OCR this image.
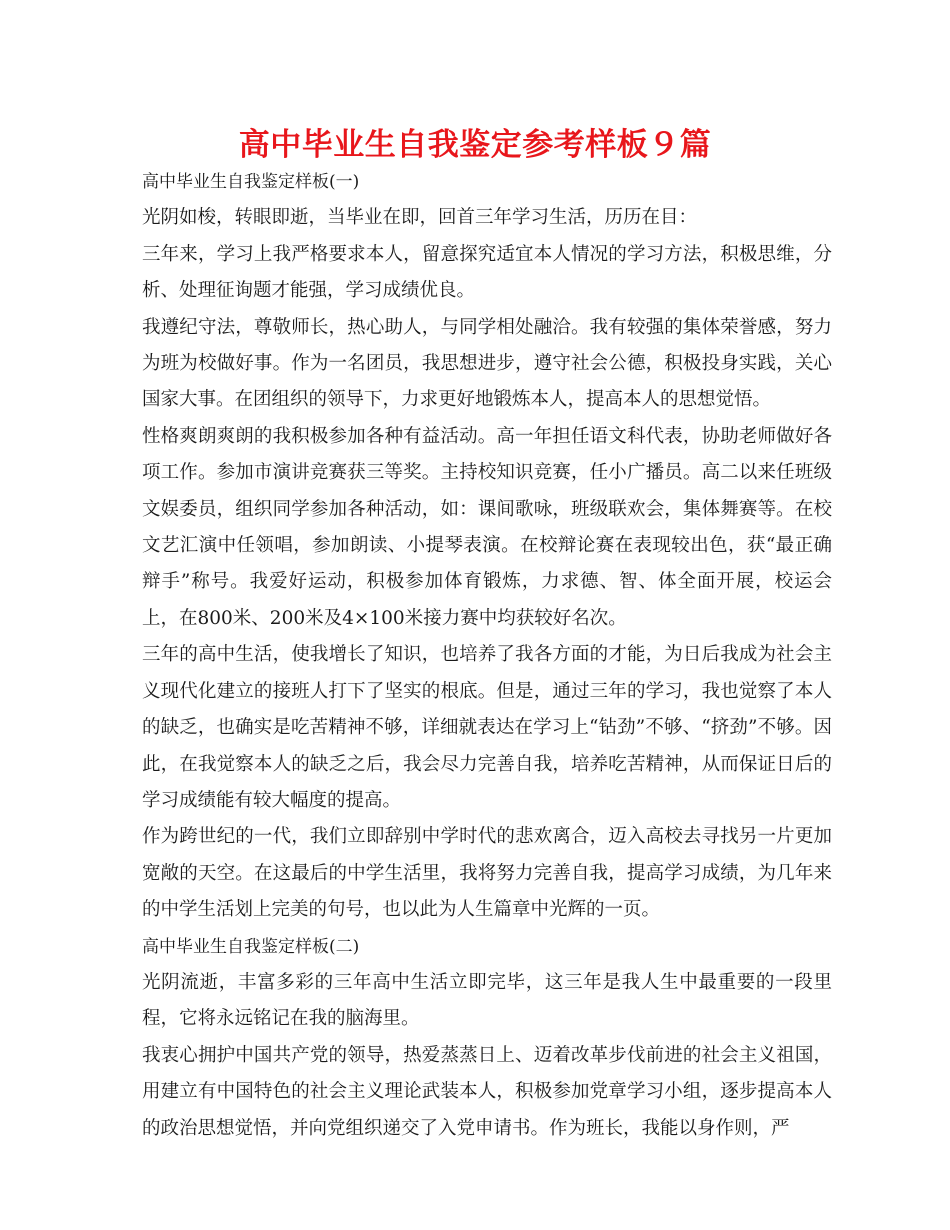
高中毕业生自我鉴定参考样板９篇

高中毕业生自我鉴定样板(一)

光阴如梭，转眼即逝，当毕业在即，回首三年学习生活，历历在目：

三年来，学习上我严格要求本人，留意探究适宜本人情况的学习方法，积极思维，分析、处理征询题才能强，学习成绩优良。

我遵纪守法，尊敬师长，热心助人，与同学相处融洽。我有较强的集体荣誉感，努力为班为校做好事。作为一名团员，我思想进步，遵守社会公德，积极投身实践，关心国家大事。在团组织的领导下，力求更好地锻炼本人，提高本人的思想觉悟。

性格爽朗爽朗的我积极参加各种有益活动。高一年担任语文科代表，协助老师做好各项工作。参加市演讲竞赛获三等奖。主持校知识竞赛，任小广播员。高二以来任班级文娱委员，组织同学参加各种活动，如：课间歌咏，班级联欢会，集体舞赛等。在校文艺汇演中任领唱，参加朗读、小提琴表演。在校辩论赛在表现较出色，获“最正确辩手”称号。我爱好运动，积极参加体育锻炼，力求德、智、体全面开展，校运会上，在800米、200米及4×100米接力赛中均获较好名次。

三年的高中生活，使我增长了知识，也培养了我各方面的才能，为日后我成为社会主义现代化建立的接班人打下了坚实的根底。但是，通过三年的学习，我也觉察了本人的缺乏，也确实是吃苦精神不够，详细就表达在学习上“钻劲”不够、“挤劲”不够。因此，在我觉察本人的缺乏之后，我会尽力完善自我，培养吃苦精神，从而保证日后的学习成绩能有较大幅度的提高。

作为跨世纪的一代，我们立即辞别中学时代的悲欢离合，迈入高校去寻找另一片更加宽敞的天空。在这最后的中学生活里，我将努力完善自我，提高学习成绩，为几年来的中学生活划上完美的句号，也以此为人生篇章中光辉的一页。

高中毕业生自我鉴定样板(二)

光阴流逝，丰富多彩的三年高中生活立即完毕，这三年是我人生中最重要的一段里程，它将永远铭记在我的脑海里。

我衷心拥护中国共产党的领导，热爱蒸蒸日上、迈着改革步伐前进的社会主义祖国，用建立有中国特色的社会主义理论武装本人，积极参加党章学习小组，逐步提高本人的政治思想觉悟，并向党组织递交了入党申请书。作为班长，我能以身作则，严
